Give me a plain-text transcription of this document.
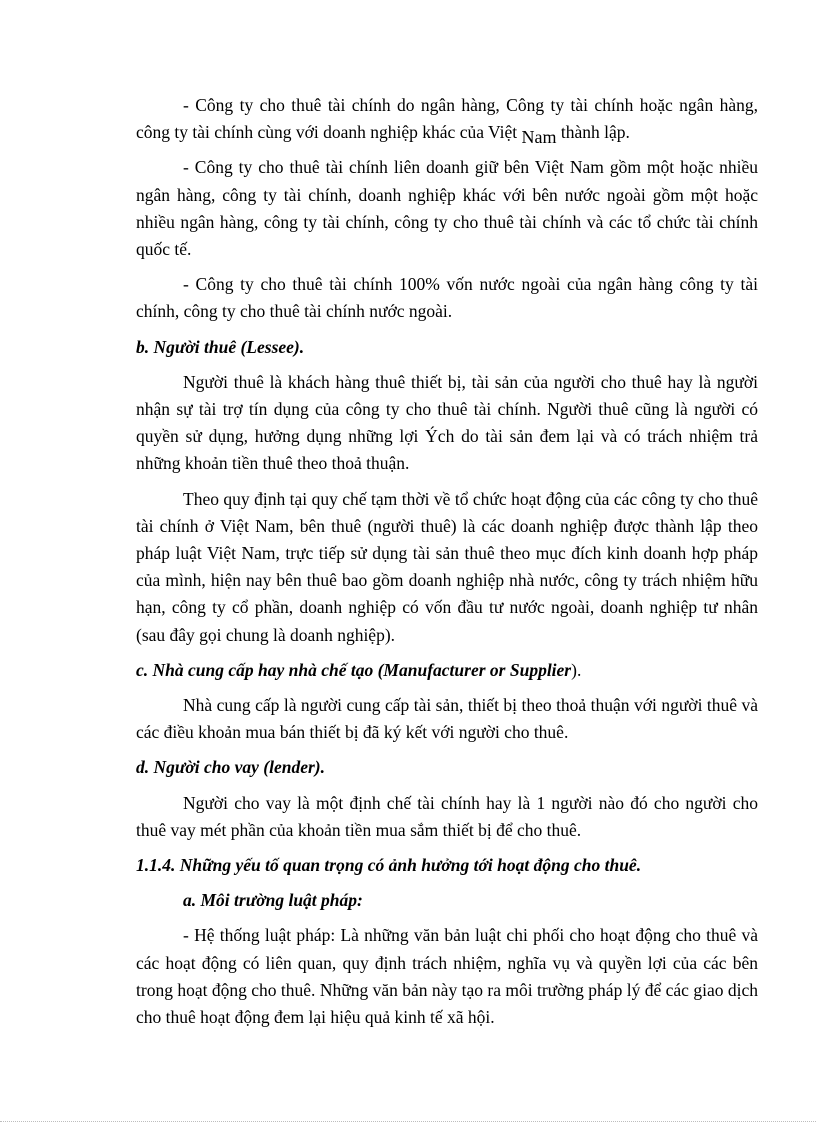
- Công ty cho thuê tài chính do ngân hàng, Công ty tài chính hoặc ngân hàng, công ty tài chính cùng với doanh nghiệp khác của Việt Nam thành lập.

- Công ty cho thuê tài chính liên doanh giữ bên Việt Nam gồm một hoặc nhiều ngân hàng, công ty tài chính, doanh nghiệp khác với bên nước ngoài gồm một hoặc nhiều ngân hàng, công ty tài chính, công ty cho thuê tài chính và các tổ chức tài chính quốc tế.

- Công ty cho thuê tài chính 100% vốn nước ngoài của ngân hàng công ty tài chính, công ty cho thuê tài chính nước ngoài.

b. Người thuê (Lessee).

Người thuê là khách hàng thuê thiết bị, tài sản của người cho thuê hay là người nhận sự tài trợ tín dụng của công ty cho thuê tài chính. Người thuê cũng là người có quyền sử dụng, hưởng dụng những lợi Ých do tài sản đem lại và có trách nhiệm trả những khoản tiền thuê theo thoả thuận.

Theo quy định tại quy chế tạm thời về tổ chức hoạt động của các công ty cho thuê tài chính ở Việt Nam, bên thuê (người thuê) là các doanh nghiệp được thành lập theo pháp luật Việt Nam, trực tiếp sử dụng tài sản thuê theo mục đích kinh doanh hợp pháp của mình, hiện nay bên thuê bao gồm doanh nghiệp nhà nước, công ty trách nhiệm hữu hạn, công ty cổ phần, doanh nghiệp có vốn đầu tư nước ngoài, doanh nghiệp tư nhân (sau đây gọi chung là doanh nghiệp).

c. Nhà cung cấp hay nhà chế tạo (Manufacturer or Supplier).

Nhà cung cấp là người cung cấp tài sản, thiết bị theo thoả thuận với người thuê và các điều khoản mua bán thiết bị đã ký kết với người cho thuê.

d. Người cho vay (lender).

Người cho vay là một định chế tài chính hay là 1 người nào đó cho người cho thuê vay mét phần của khoản tiền mua sắm thiết bị để cho thuê.

1.1.4. Những yếu tố quan trọng có ảnh hưởng tới hoạt động cho thuê.

a. Môi trường luật pháp:

- Hệ thống luật pháp: Là những văn bản luật chi phối cho hoạt động cho thuê và các hoạt động có liên quan, quy định trách nhiệm, nghĩa vụ và quyền lợi của các bên trong hoạt động cho thuê. Những văn bản này tạo ra môi trường pháp lý để các giao dịch cho thuê hoạt động đem lại hiệu quả kinh tế xã hội.
